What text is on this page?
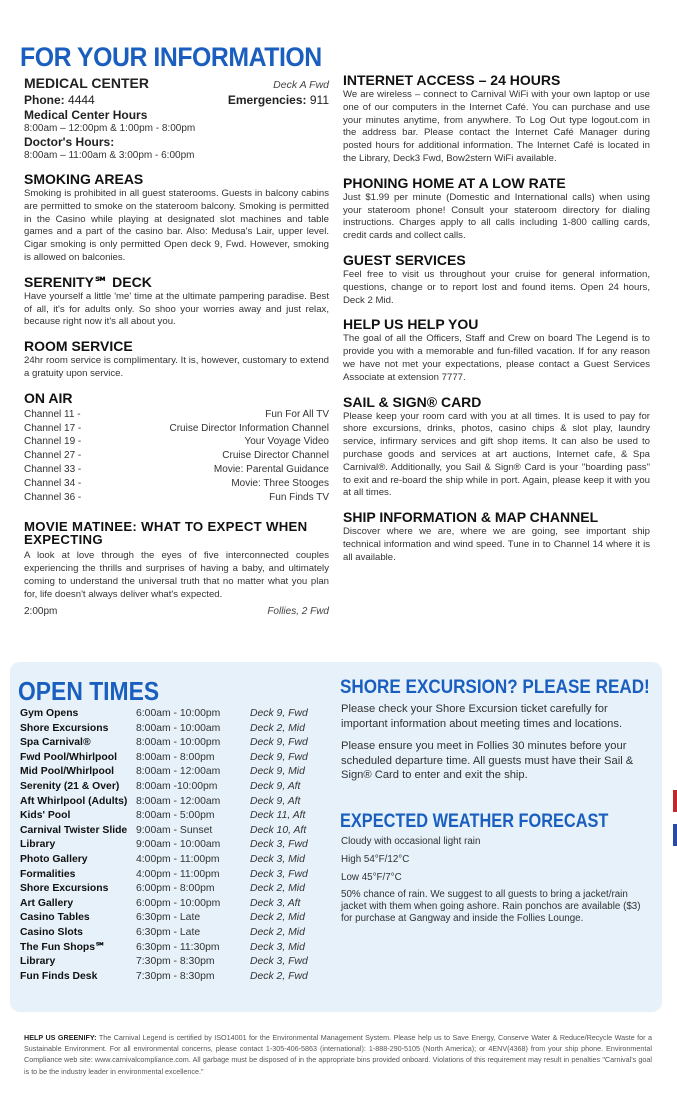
FOR YOUR INFORMATION
MEDICAL CENTER	Deck A Fwd
Phone: 4444	Emergencies: 911
Medical Center Hours
8:00am – 12:00pm & 1:00pm - 8:00pm
Doctor's Hours:
8:00am – 11:00am & 3:00pm - 6:00pm
SMOKING AREAS

Smoking is prohibited in all guest staterooms. Guests in balcony cabins are permitted to smoke on the stateroom balcony. Smoking is permitted in the Casino while playing at designated slot machines and table games and a part of the casino bar. Also: Medusa's Lair, upper level. Cigar smoking is only permitted Open deck 9, Fwd. However, smoking is allowed on balconies.

SERENITY℠ DECK

Have yourself a little 'me' time at the ultimate pampering paradise. Best of all, it's for adults only. So shoo your worries away and just relax, because right now it's all about you.

ROOM SERVICE

24hr room service is complimentary. It is, however, customary to extend a gratuity upon service.

ON AIR
Channel 11 -	Fun For All TV
Channel 17 -	Cruise Director Information Channel
Channel 19 -	Your Voyage Video
Channel 27 -	Cruise Director Channel
Channel 33 -	Movie: Parental Guidance
Channel 34 -	Movie: Three Stooges
Channel 36 -	Fun Finds TV
MOVIE MATINEE: WHAT TO EXPECT WHEN EXPECTING

A look at love through the eyes of five interconnected couples experiencing the thrills and surprises of having a baby, and ultimately coming to understand the universal truth that no matter what you plan for, life doesn't always deliver what's expected.

2:00pm	Follies, 2 Fwd
INTERNET ACCESS – 24 HOURS

We are wireless – connect to Carnival WiFi with your own laptop or use one of our computers in the Internet Café. You can purchase and use your minutes anytime, from anywhere. To Log Out type logout.com in the address bar. Please contact the Internet Café Manager during posted hours for additional information. The Internet Café is located in the Library, Deck3 Fwd, Bow2stern WiFi available.

PHONING HOME AT A LOW RATE

Just $1.99 per minute (Domestic and International calls) when using your stateroom phone! Consult your stateroom directory for dialing instructions. Charges apply to all calls including 1-800 calling cards, credit cards and collect calls.

GUEST SERVICES

Feel free to visit us throughout your cruise for general information, questions, change or to report lost and found items. Open 24 hours, Deck 2 Mid.

HELP US HELP YOU

The goal of all the Officers, Staff and Crew on board The Legend is to provide you with a memorable and fun-filled vacation. If for any reason we have not met your expectations, please contact a Guest Services Associate at extension 7777.

SAIL & SIGN® CARD

Please keep your room card with you at all times. It is used to pay for shore excursions, drinks, photos, casino chips & slot play, laundry service, infirmary services and gift shop items. It can also be used to purchase goods and services at art auctions, Internet cafe, & Spa Carnival®. Additionally, you Sail & Sign® Card is your "boarding pass" to exit and re-board the ship while in port. Again, please keep it with you at all times.

SHIP INFORMATION & MAP CHANNEL

Discover where we are, where we are going, see important ship technical information and wind speed. Tune in to Channel 14 where it is all available.

OPEN TIMES
Gym Opens	6:00am - 10:00pm	Deck 9, Fwd
Shore Excursions	8:00am - 10:00am	Deck 2, Mid
Spa Carnival®	8:00am - 10:00pm	Deck 9, Fwd
Fwd Pool/Whirlpool	8:00am - 8:00pm	Deck 9, Fwd
Mid Pool/Whirlpool	8:00am - 12:00am	Deck 9, Mid
Serenity (21 & Over)	8:00am -10:00pm	Deck 9, Aft
Aft Whirlpool (Adults) 8:00am - 12:00am	Deck 9, Aft
Kids' Pool	8:00am - 5:00pm	Deck 11, Aft
Carnival Twister Slide 9:00am - Sunset	Deck 10, Aft
Library	9:00am - 10:00am	Deck 3, Fwd
Photo Gallery	4:00pm - 11:00pm	Deck 3, Mid
Formalities	4:00pm - 11:00pm	Deck 3, Fwd
Shore Excursions	6:00pm - 8:00pm	Deck 2, Mid
Art Gallery	6:00pm - 10:00pm	Deck 3, Aft
Casino Tables	6:30pm - Late	Deck 2, Mid
Casino Slots	6:30pm - Late	Deck 2, Mid
The Fun Shops℠	6:30pm - 11:30pm	Deck 3, Mid
Library	7:30pm - 8:30pm	Deck 3, Fwd
Fun Finds Desk	7:30pm - 8:30pm	Deck 2, Fwd
SHORE EXCURSION? PLEASE READ!

Please check your Shore Excursion ticket carefully for important information about meeting times and locations.

Please ensure you meet in Follies 30 minutes before your scheduled departure time. All guests must have their Sail & Sign® Card to enter and exit the ship.

EXPECTED WEATHER FORECAST
Cloudy with occasional light rain
High 54°F/12°C
Low 45°F/7°C

50% chance of rain. We suggest to all guests to bring a jacket/rain jacket with them when going ashore. Rain ponchos are available ($3) for purchase at Gangway and inside the Follies Lounge.

HELP US GREENIFY: The Carnival Legend is certified by ISO14001 for the Environmental Management System. Please help us to Save Energy, Conserve Water & Reduce/Recycle Waste for a Sustainable Environment. For all environmental concerns, please contact 1-305-406-5863 (international): 1-888-290-5105 (North America); or 4ENV(4368) from your ship phone. Environmental Compliance web site: www.carnivalcompliance.com. All garbage must be disposed of in the appropriate bins provided onboard. Violations of this requirement may result in penalties "Carnival's goal is to be the industry leader in environmental excellence."
